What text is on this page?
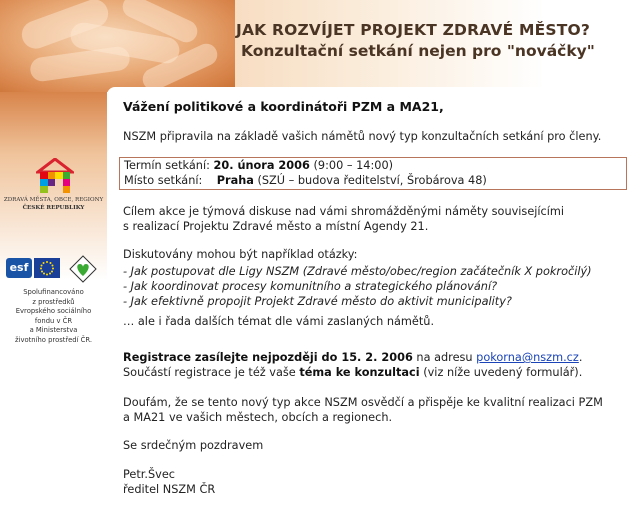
JAK ROZVÍJET PROJEKT ZDRAVÉ MĚSTO?
Konzultační setkání nejen pro "nováčky"
ZDRAVÁ MĚSTA, OBCE, REGIONY
ČESKÉ REPUBLIKY
esf
Spolufinancováno
z prostředků
Evropského sociálního
fondu v ČR
a Ministerstva
životního prostředí ČR.

Vážení politikové a koordinátoři PZM a MA21,

NSZM připravila na základě vašich námětů nový typ konzultačních setkání pro členy.

Termín setkání: 20. února 2006 (9:00 – 14:00)

Místo setkání: Praha (SZÚ – budova ředitelství, Šrobárova 48)

Cílem akce je týmová diskuse nad vámi shromážděnými náměty souvisejícími

s realizací Projektu Zdravé město a místní Agendy 21.

Diskutovány mohou být například otázky:

- Jak postupovat dle Ligy NSZM (Zdravé město/obec/region začátečník X pokročilý)

- Jak koordinovat procesy komunitního a strategického plánování?

- Jak efektivně propojit Projekt Zdravé město do aktivit municipality?

… ale i řada dalších témat dle vámi zaslaných námětů.

Registrace zasílejte nejpozději do 15. 2. 2006 na adresu pokorna@nszm.cz.

Součástí registrace je též vaše téma ke konzultaci (viz níže uvedený formulář).

Doufám, že se tento nový typ akce NSZM osvědčí a přispěje ke kvalitní realizaci PZM

a MA21 ve vašich městech, obcích a regionech.

Se srdečným pozdravem

Petr.Švec

ředitel NSZM ČR
